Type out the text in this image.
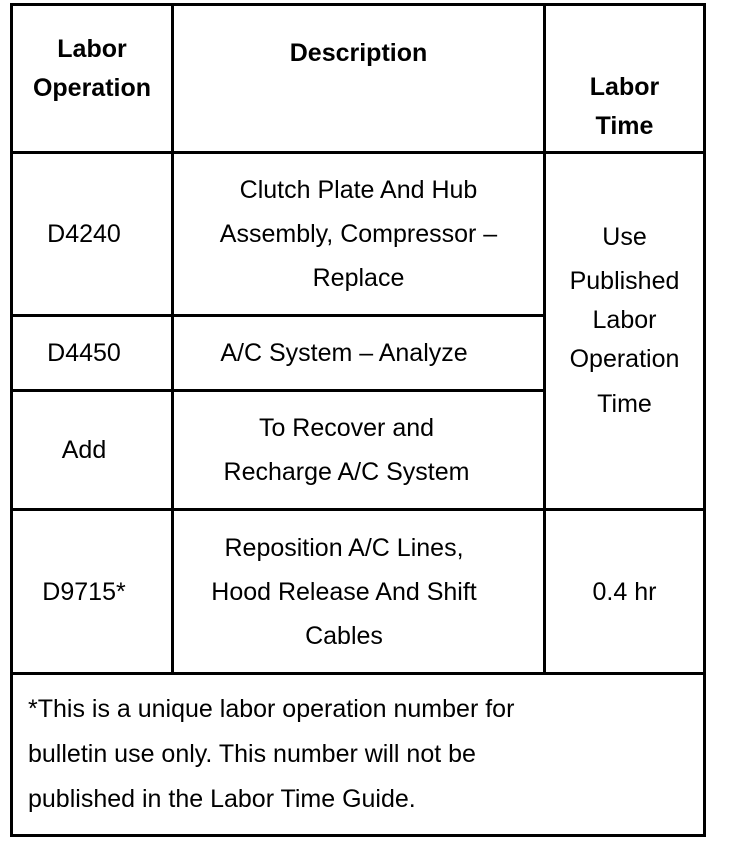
Labor
Operation
Description
Labor
Time
D4240
Clutch Plate And Hub
Assembly, Compressor –
Replace
D4450	A/C System – Analyze
Add
To Recover and
Recharge A/C System
Use
Published
Labor
Operation
Time
D9715*
Reposition A/C Lines,
Hood Release And Shift
Cables
0.4 hr
*This is a unique labor operation number for
bulletin use only. This number will not be
published in the Labor Time Guide.
